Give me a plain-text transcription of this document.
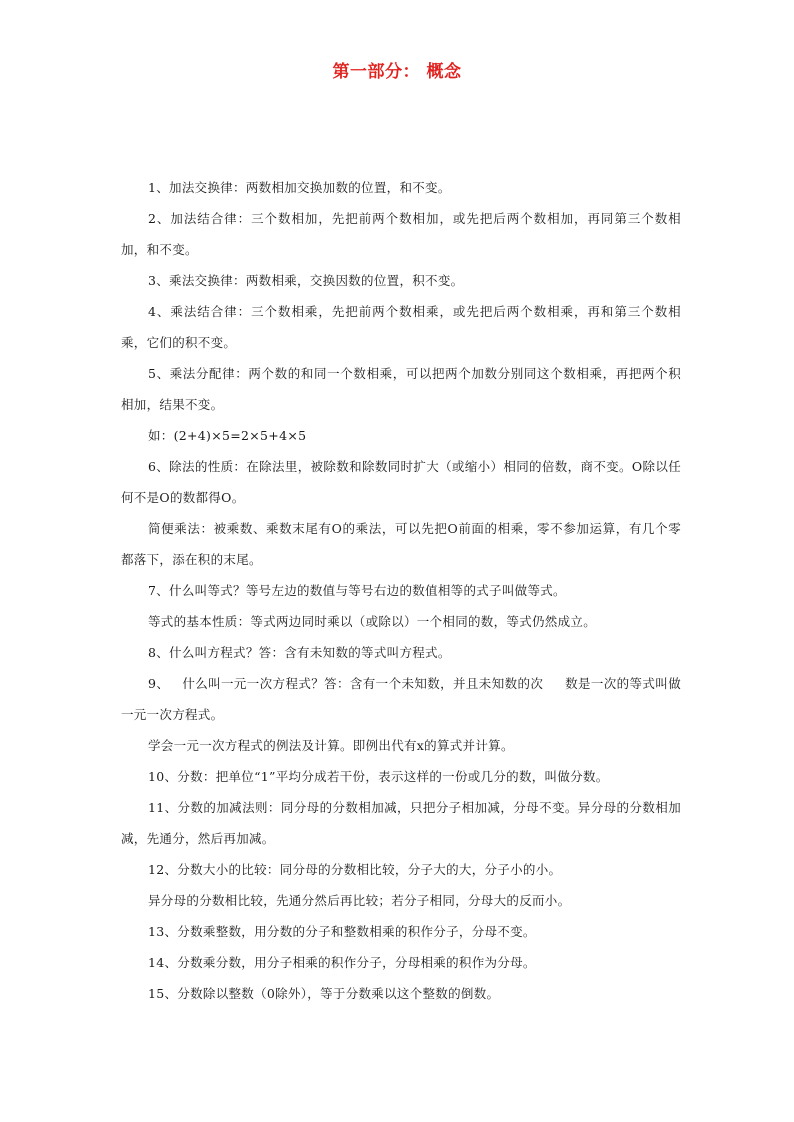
第一部分： 概念

1、加法交换律：两数相加交换加数的位置，和不变。

2、加法结合律：三个数相加，先把前两个数相加，或先把后两个数相加，再同第三个数相加，和不变。

3、乘法交换律：两数相乘，交换因数的位置，积不变。

4、乘法结合律：三个数相乘，先把前两个数相乘，或先把后两个数相乘，再和第三个数相乘，它们的积不变。

5、乘法分配律：两个数的和同一个数相乘，可以把两个加数分别同这个数相乘，再把两个积相加，结果不变。

如：(2+4)×5=2×5+4×5

6、除法的性质：在除法里，被除数和除数同时扩大（或缩小）相同的倍数，商不变。O除以任何不是O的数都得O。

简便乘法：被乘数、乘数末尾有O的乘法，可以先把O前面的相乘，零不参加运算，有几个零都落下，添在积的末尾。

7、什么叫等式？等号左边的数值与等号右边的数值相等的式子叫做等式。

等式的基本性质：等式两边同时乘以（或除以）一个相同的数，等式仍然成立。

8、什么叫方程式？答：含有未知数的等式叫方程式。

9、   什么叫一元一次方程式？答：含有一个未知数，并且未知数的次     数是一次的等式叫做一元一次方程式。

学会一元一次方程式的例法及计算。即例出代有x的算式并计算。

10、分数：把单位“1”平均分成若干份，表示这样的一份或几分的数，叫做分数。

11、分数的加减法则：同分母的分数相加减，只把分子相加减，分母不变。异分母的分数相加减，先通分，然后再加减。

12、分数大小的比较：同分母的分数相比较，分子大的大，分子小的小。

异分母的分数相比较，先通分然后再比较；若分子相同，分母大的反而小。

13、分数乘整数，用分数的分子和整数相乘的积作分子，分母不变。

14、分数乘分数，用分子相乘的积作分子，分母相乘的积作为分母。

15、分数除以整数（0除外），等于分数乘以这个整数的倒数。
